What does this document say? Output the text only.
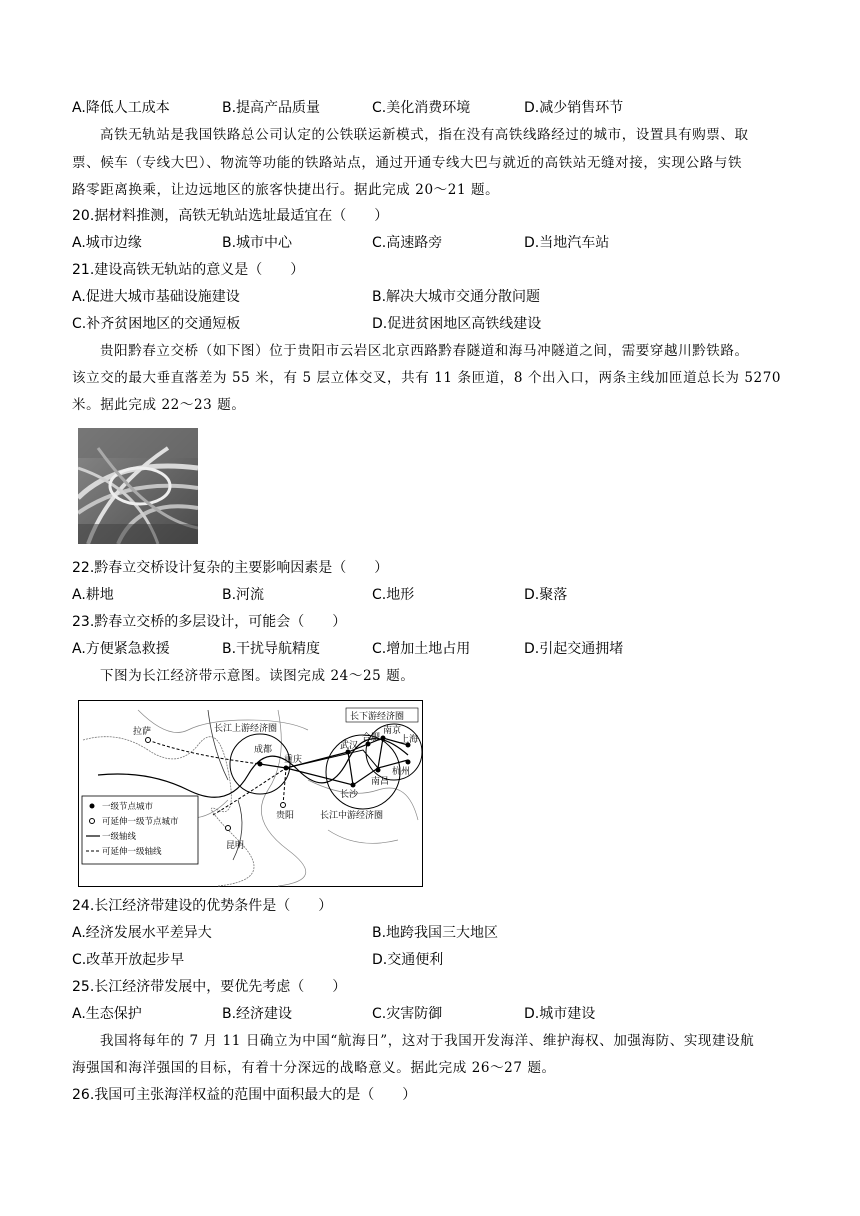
A.降低人工成本	B.提高产品质量	C.美化消费环境	D.减少销售环节
高铁无轨站是我国铁路总公司认定的公铁联运新模式，指在没有高铁线路经过的城市，设置具有购票、取
票、候车（专线大巴）、物流等功能的铁路站点，通过开通专线大巴与就近的高铁站无缝对接，实现公路与铁
路零距离换乘，让边远地区的旅客快捷出行。据此完成 20～21 题。
20.据材料推测，高铁无轨站选址最适宜在（　　）
A.城市边缘	B.城市中心	C.高速路旁	D.当地汽车站
21.建设高铁无轨站的意义是（　　）
A.促进大城市基础设施建设	B.解决大城市交通分散问题
C.补齐贫困地区的交通短板	D.促进贫困地区高铁线建设
贵阳黔春立交桥（如下图）位于贵阳市云岩区北京西路黔春隧道和海马冲隧道之间，需要穿越川黔铁路。
该立交的最大垂直落差为 55 米，有 5 层立体交叉，共有 11 条匝道，8 个出入口，两条主线加匝道总长为 5270
米。据此完成 22～23 题。
22.黔春立交桥设计复杂的主要影响因素是（　　）
A.耕地	B.河流	C.地形	D.聚落
23.黔春立交桥的多层设计，可能会（　　）
A.方便紧急救援	B.干扰导航精度	C.增加土地占用	D.引起交通拥堵
下图为长江经济带示意图。读图完成 24～25 题。
长江上游经济圈
长下游经济圈
长江中游经济圈
拉萨
成都
重庆
武汉
合肥
南京
上海
杭州
南昌
长沙
贵阳
昆明
一级节点城市
可延伸一级节点城市
一级轴线
可延伸一级轴线
24.长江经济带建设的优势条件是（　　）
A.经济发展水平差异大	B.地跨我国三大地区
C.改革开放起步早	D.交通便利
25.长江经济带发展中，要优先考虑（　　）
A.生态保护	B.经济建设	C.灾害防御	D.城市建设
我国将每年的 7 月 11 日确立为中国“航海日”，这对于我国开发海洋、维护海权、加强海防、实现建设航
海强国和海洋强国的目标，有着十分深远的战略意义。据此完成 26～27 题。
26.我国可主张海洋权益的范围中面积最大的是（　　）
